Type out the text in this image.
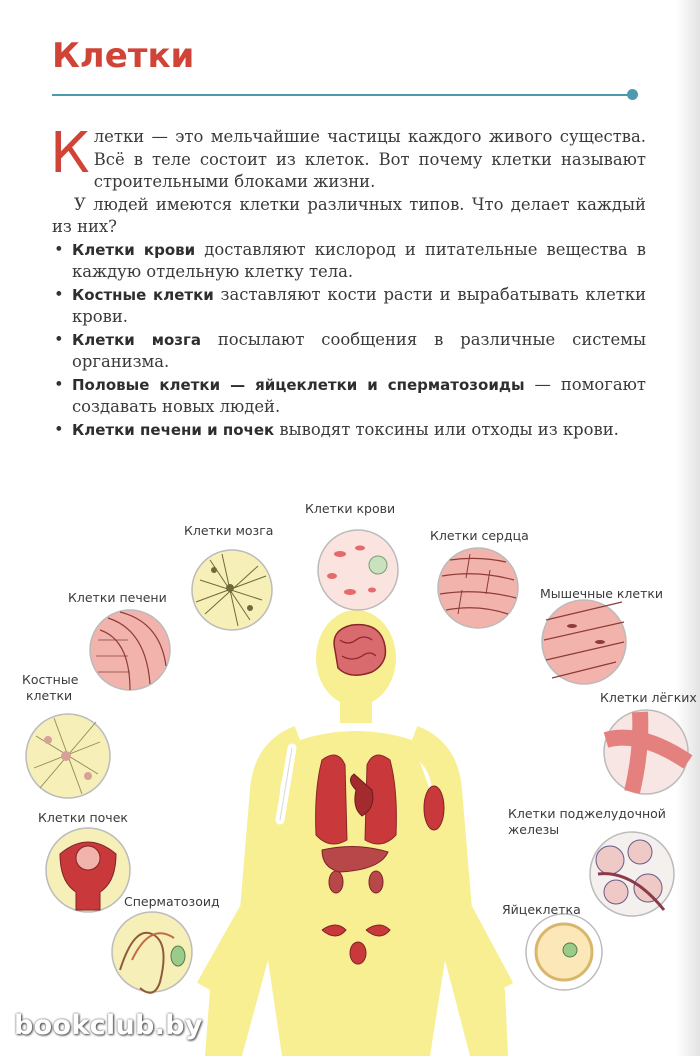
Клетки

Клетки — это мельчайшие частицы каждого живого существа. Всё в теле состоит из клеток. Вот почему клетки называют строительными блоками жизни.

У людей имеются клетки различных типов. Что делает каждый из них?

• Клетки крови доставляют кислород и питательные вещества в каждую отдельную клетку тела.
• Костные клетки заставляют кости расти и вырабатывать клетки крови.
• Клетки мозга посылают сообщения в различные системы организма.
• Половые клетки — яйцеклетки и сперматозоиды — помогают создавать новых людей.
• Клетки печени и почек выводят токсины или отходы из крови.
Клетки крови
Клетки мозга	Клетки сердца
Клетки печени	Мышечные клетки
Костные
клетки	Клетки лёгких
Клетки почек	Клетки поджелудочной
железы
Сперматозоид
Яйцеклетка
bookclub.by
